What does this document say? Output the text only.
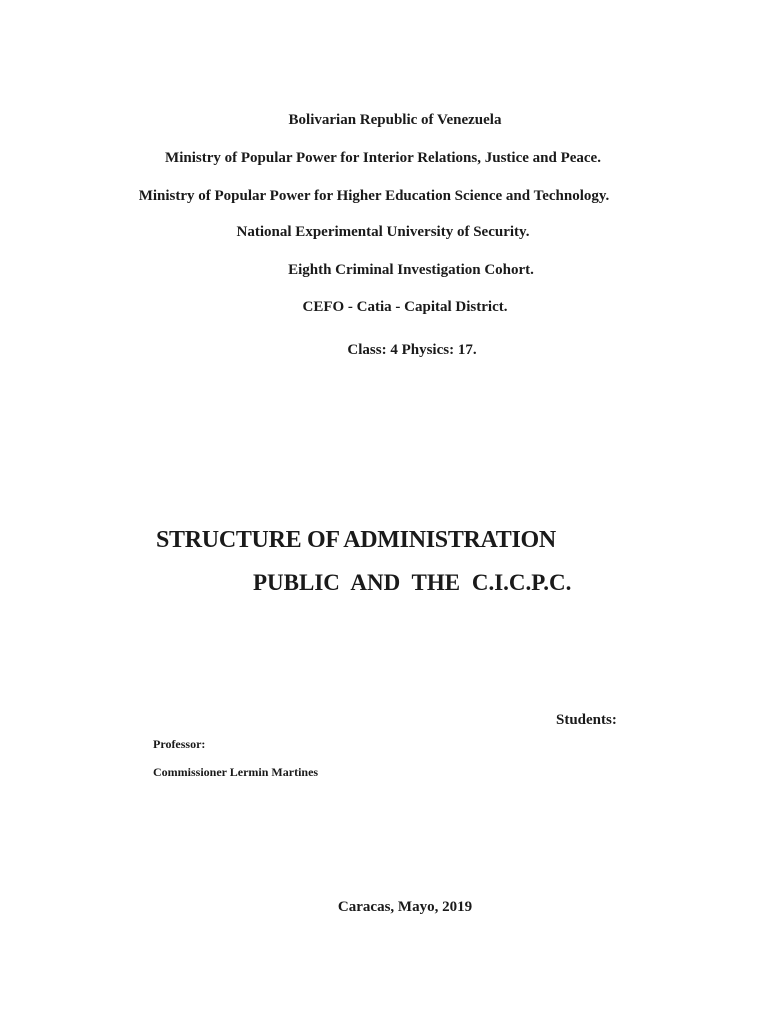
Bolivarian Republic of Venezuela
Ministry of Popular Power for Interior Relations, Justice and Peace.
Ministry of Popular Power for Higher Education Science and Technology.
National Experimental University of Security.
Eighth Criminal Investigation Cohort.
CEFO - Catia - Capital District.
Class: 4 Physics: 17.
STRUCTURE OF ADMINISTRATION
PUBLIC AND THE C.I.C.P.C.
Students:
Professor:
Commissioner Lermin Martines
Caracas, Mayo, 2019
